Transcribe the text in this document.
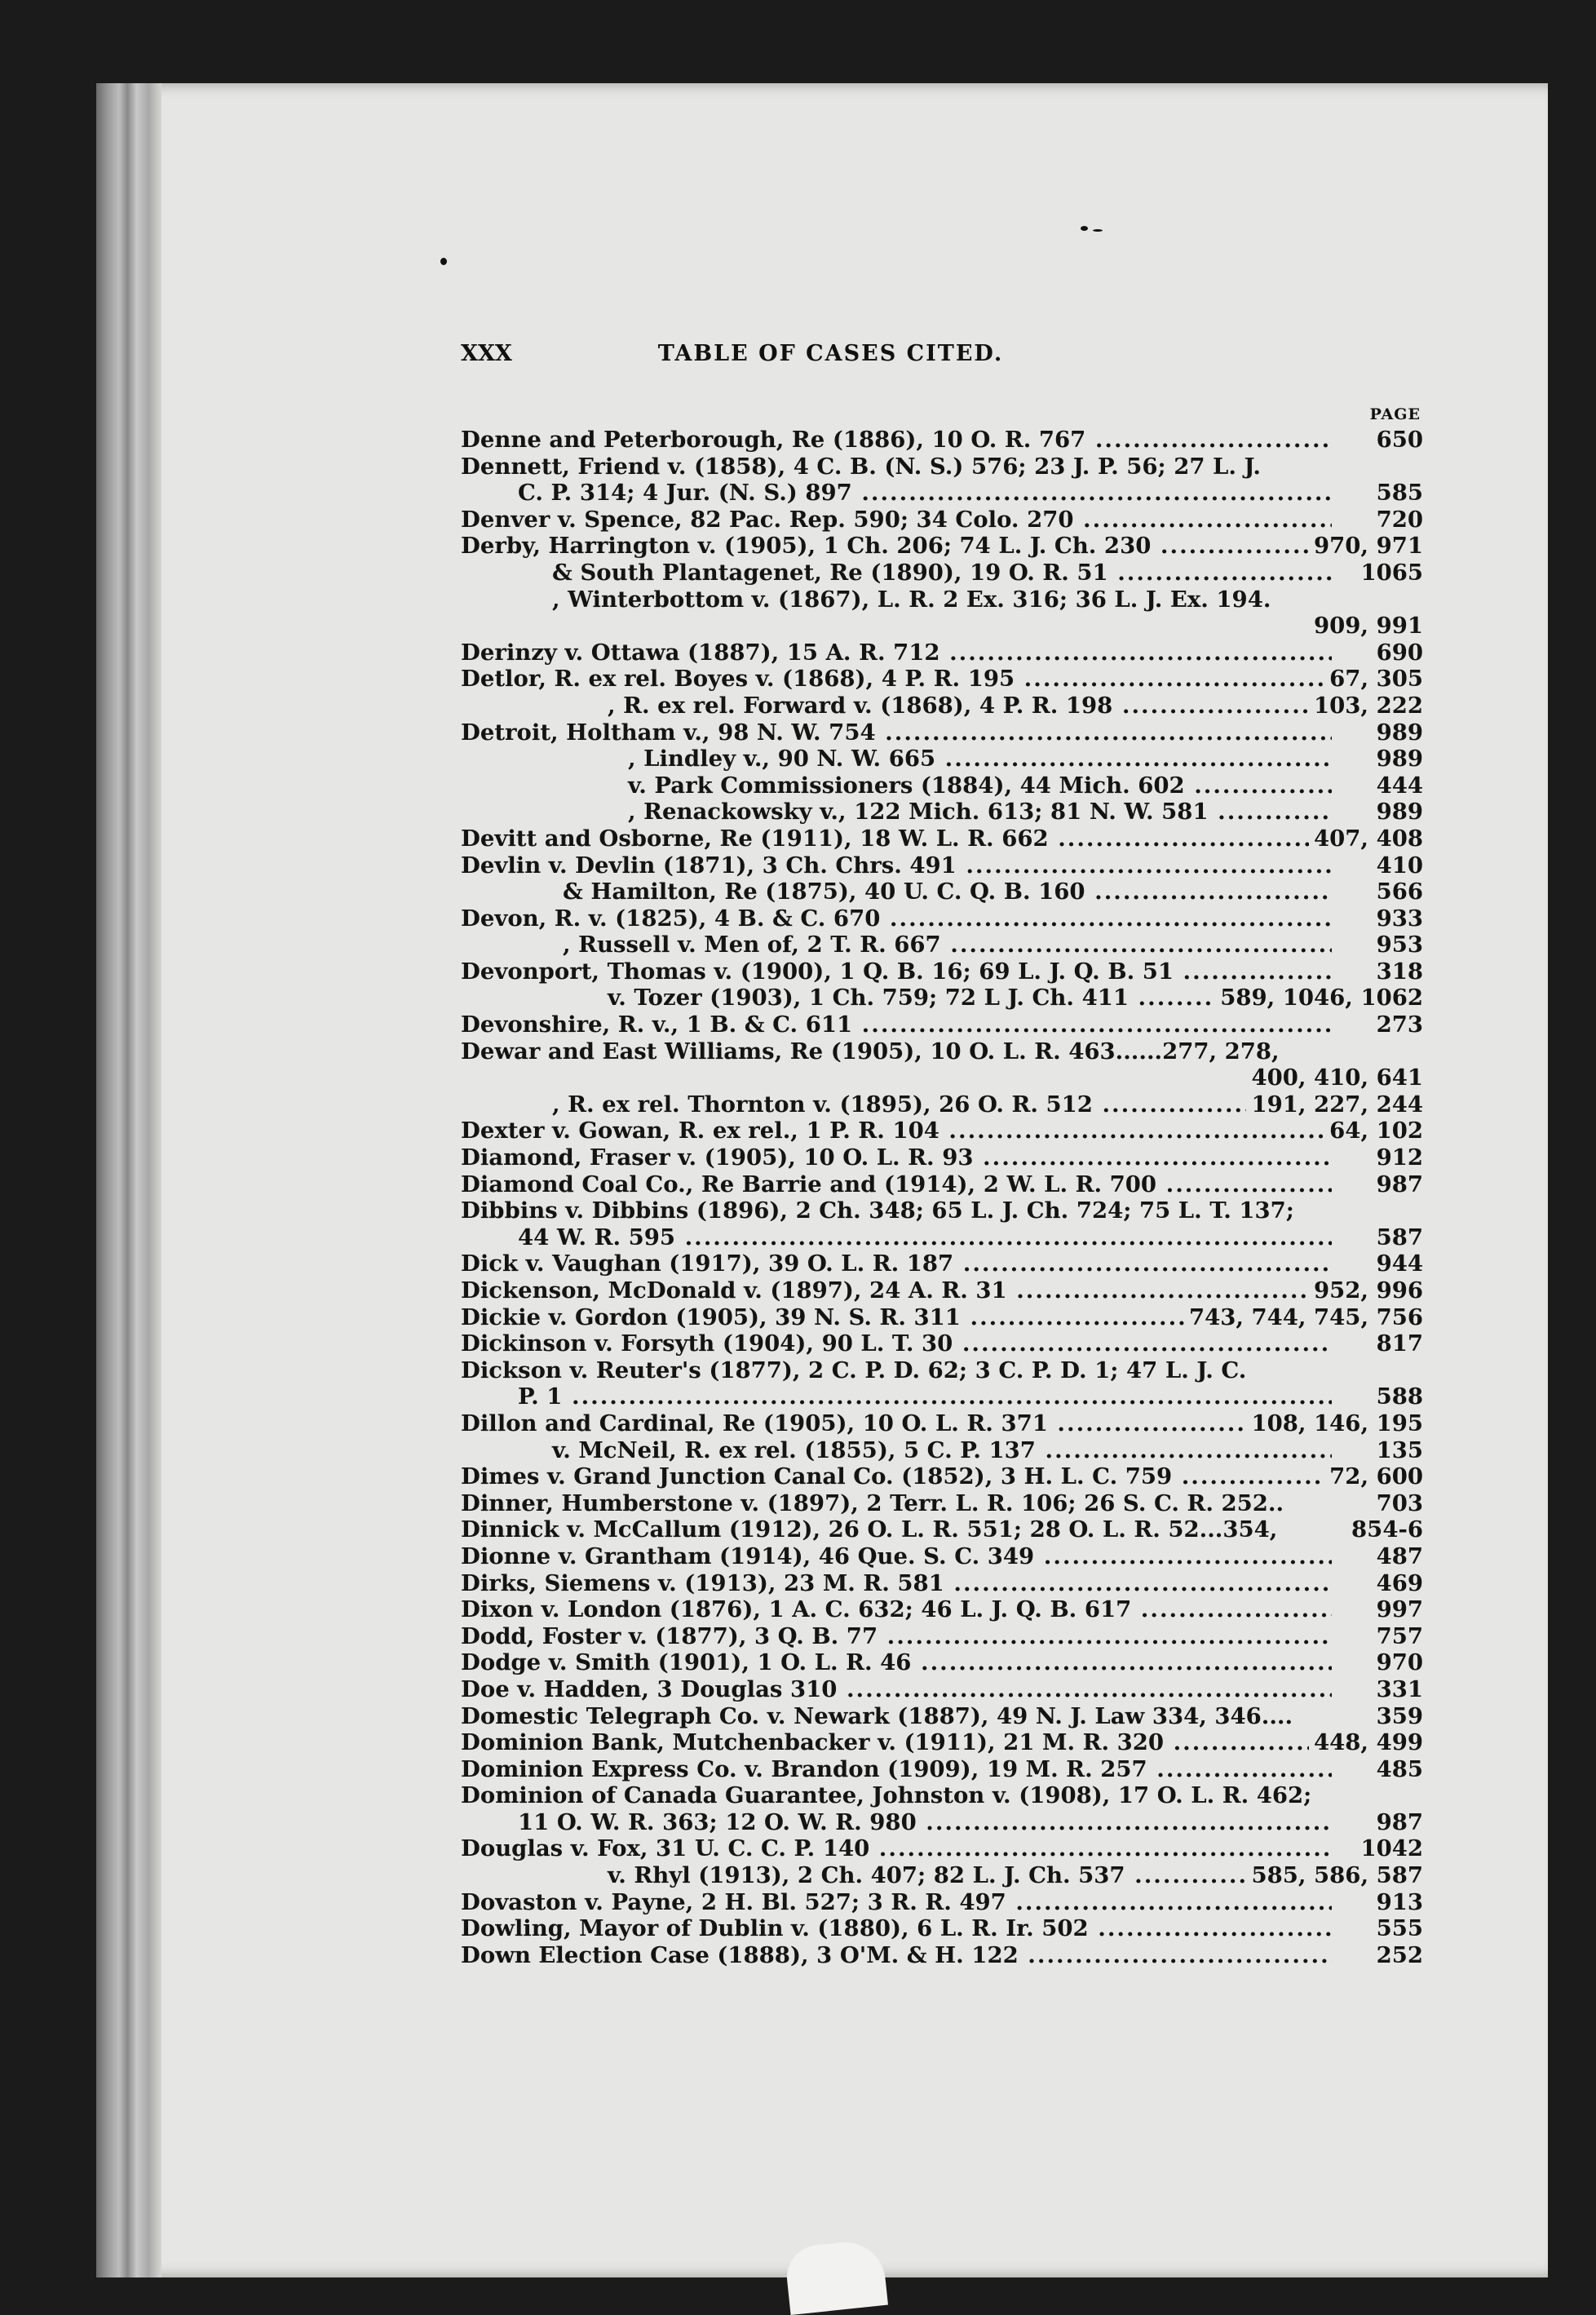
XXX	TABLE OF CASES CITED.
PAGE
Denne and Peterborough, Re (1886), 10 O. R. 767 .....	650
Dennett, Friend v. (1858), 4 C. B. (N. S.) 576; 23 J. P. 56; 27 L. J.
C. P. 314; 4 Jur. (N. S.) 897 .....	585
Denver v. Spence, 82 Pac. Rep. 590; 34 Colo. 270 .....	720
Derby, Harrington v. (1905), 1 Ch. 206; 74 L. J. Ch. 230 .....	970, 971
& South Plantagenet, Re (1890), 19 O. R. 51 .....	1065
, Winterbottom v. (1867), L. R. 2 Ex. 316; 36 L. J. Ex. 194.
909, 991
Derinzy v. Ottawa (1887), 15 A. R. 712 .....	690
Detlor, R. ex rel. Boyes v. (1868), 4 P. R. 195 .....	67, 305
, R. ex rel. Forward v. (1868), 4 P. R. 198 .....	103, 222
Detroit, Holtham v., 98 N. W. 754 .....	989
, Lindley v., 90 N. W. 665 .....	989
v. Park Commissioners (1884), 44 Mich. 602 .....	444
, Renackowsky v., 122 Mich. 613; 81 N. W. 581 .....	989
Devitt and Osborne, Re (1911), 18 W. L. R. 662 .....	407, 408
Devlin v. Devlin (1871), 3 Ch. Chrs. 491 .....	410
& Hamilton, Re (1875), 40 U. C. Q. B. 160 .....	566
Devon, R. v. (1825), 4 B. & C. 670 .....	933
, Russell v. Men of, 2 T. R. 667 .....	953
Devonport, Thomas v. (1900), 1 Q. B. 16; 69 L. J. Q. B. 51 .....	318
v. Tozer (1903), 1 Ch. 759; 72 L J. Ch. 411 .....	589, 1046, 1062
Devonshire, R. v., 1 B. & C. 611 .....	273
Dewar and East Williams, Re (1905), 10 O. L. R. 463......277, 278,
400, 410, 641
, R. ex rel. Thornton v. (1895), 26 O. R. 512 .....	191, 227, 244
Dexter v. Gowan, R. ex rel., 1 P. R. 104 .....	64, 102
Diamond, Fraser v. (1905), 10 O. L. R. 93 .....	912
Diamond Coal Co., Re Barrie and (1914), 2 W. L. R. 700 .....	987
Dibbins v. Dibbins (1896), 2 Ch. 348; 65 L. J. Ch. 724; 75 L. T. 137;
44 W. R. 595 .....	587
Dick v. Vaughan (1917), 39 O. L. R. 187 .....	944
Dickenson, McDonald v. (1897), 24 A. R. 31 .....	952, 996
Dickie v. Gordon (1905), 39 N. S. R. 311 .....	743, 744, 745, 756
Dickinson v. Forsyth (1904), 90 L. T. 30 .....	817
Dickson v. Reuter's (1877), 2 C. P. D. 62; 3 C. P. D. 1; 47 L. J. C.
P. 1 .....	588
Dillon and Cardinal, Re (1905), 10 O. L. R. 371 .....	108, 146, 195
v. McNeil, R. ex rel. (1855), 5 C. P. 137 .....	135
Dimes v. Grand Junction Canal Co. (1852), 3 H. L. C. 759 .....	72, 600
Dinner, Humberstone v. (1897), 2 Terr. L. R. 106; 26 S. C. R. 252..	703
Dinnick v. McCallum (1912), 26 O. L. R. 551; 28 O. L. R. 52...354,	854-6
Dionne v. Grantham (1914), 46 Que. S. C. 349 .....	487
Dirks, Siemens v. (1913), 23 M. R. 581 .....	469
Dixon v. London (1876), 1 A. C. 632; 46 L. J. Q. B. 617 .....	997
Dodd, Foster v. (1877), 3 Q. B. 77 .....	757
Dodge v. Smith (1901), 1 O. L. R. 46 .....	970
Doe v. Hadden, 3 Douglas 310 .....	331
Domestic Telegraph Co. v. Newark (1887), 49 N. J. Law 334, 346....	359
Dominion Bank, Mutchenbacker v. (1911), 21 M. R. 320 .....	448, 499
Dominion Express Co. v. Brandon (1909), 19 M. R. 257 .....	485
Dominion of Canada Guarantee, Johnston v. (1908), 17 O. L. R. 462;
11 O. W. R. 363; 12 O. W. R. 980 .....	987
Douglas v. Fox, 31 U. C. C. P. 140 .....	1042
v. Rhyl (1913), 2 Ch. 407; 82 L. J. Ch. 537 .....	585, 586, 587
Dovaston v. Payne, 2 H. Bl. 527; 3 R. R. 497 .....	913
Dowling, Mayor of Dublin v. (1880), 6 L. R. Ir. 502 .....	555
Down Election Case (1888), 3 O'M. & H. 122 .....	252
